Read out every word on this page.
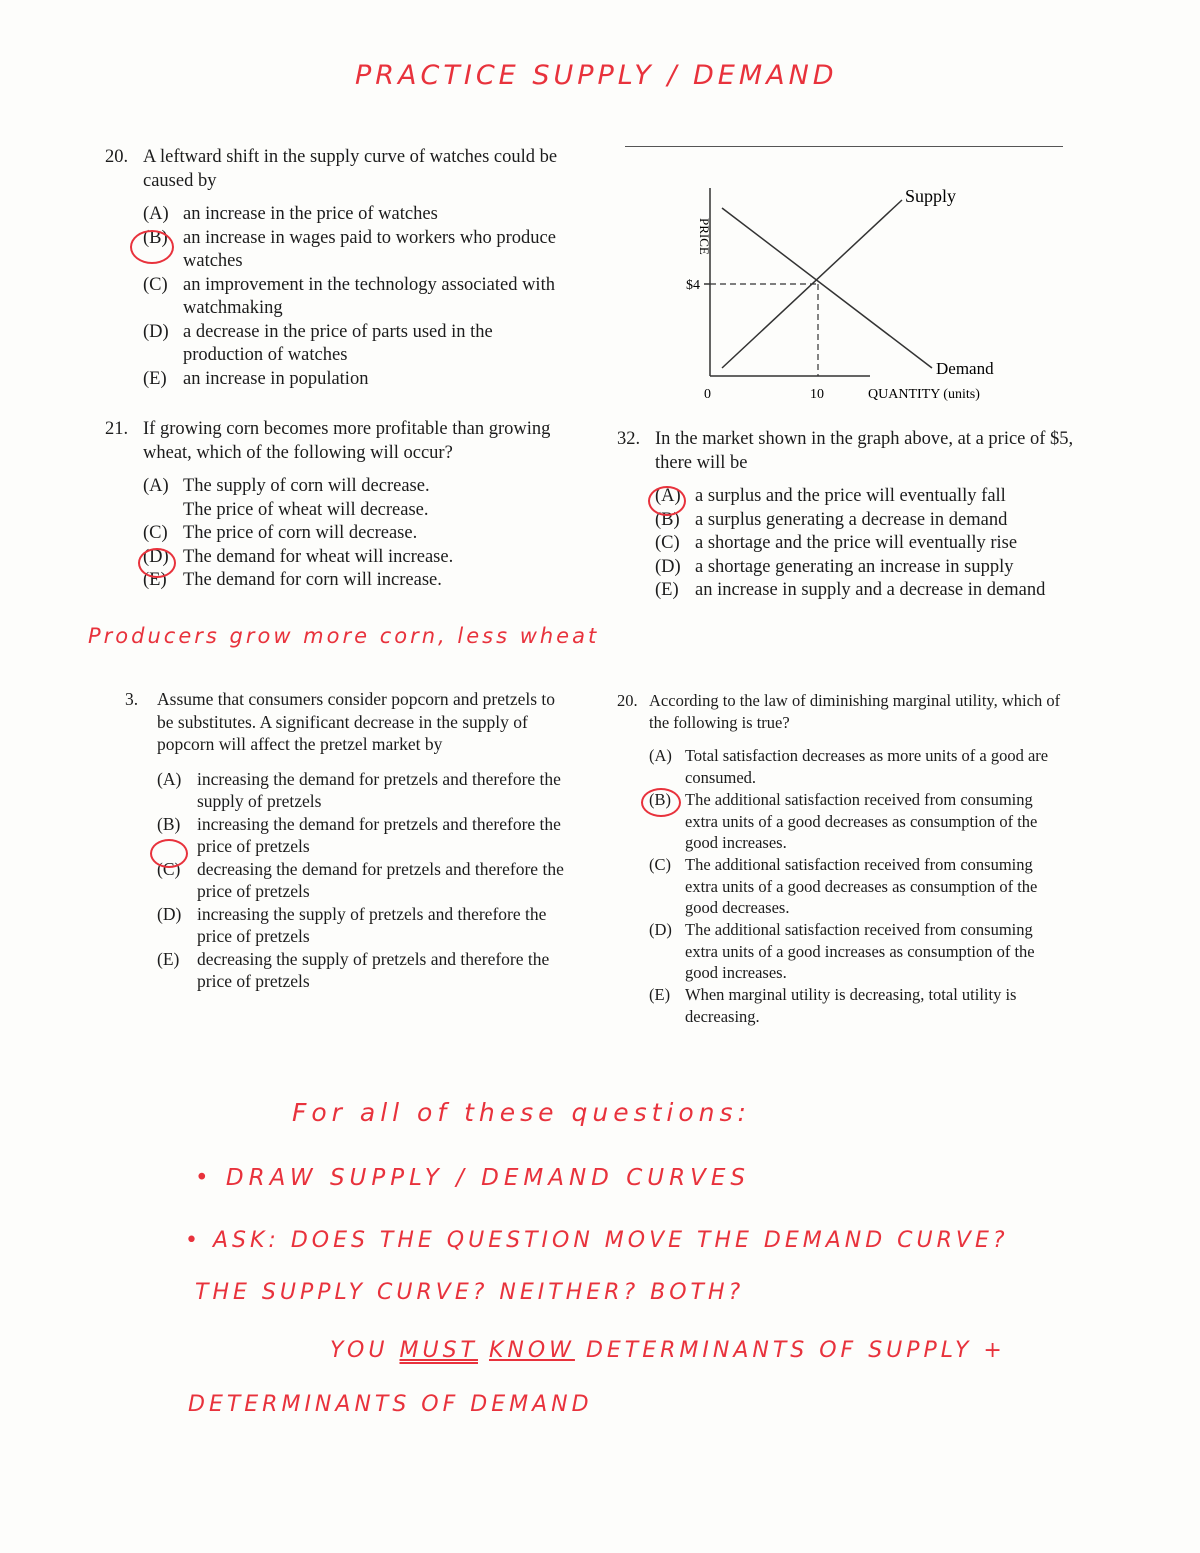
PRACTICE SUPPLY / DEMAND
20. A leftward shift in the supply curve of watches could be caused by
(A) an increase in the price of watches
(B) an increase in wages paid to workers who produce watches
(C) an improvement in the technology associated with watchmaking
(D) a decrease in the price of parts used in the production of watches
(E) an increase in population
21. If growing corn becomes more profitable than growing wheat, which of the following will occur?
(A) The supply of corn will decrease.
The price of wheat will decrease.
(C) The price of corn will decrease.
(D) The demand for wheat will increase.
(E) The demand for corn will increase.
Producers grow more corn, less wheat
PRICE
$4
0	10	QUANTITY (units)
Supply
Demand
32. In the market shown in the graph above, at a price of $5, there will be
(A) a surplus and the price will eventually fall
(B) a surplus generating a decrease in demand
(C) a shortage and the price will eventually rise
(D) a shortage generating an increase in supply
(E) an increase in supply and a decrease in demand
3. Assume that consumers consider popcorn and pretzels to be substitutes. A significant decrease in the supply of popcorn will affect the pretzel market by
(A) increasing the demand for pretzels and therefore the supply of pretzels
(B) increasing the demand for pretzels and therefore the price of pretzels
(C) decreasing the demand for pretzels and therefore the price of pretzels
(D) increasing the supply of pretzels and therefore the price of pretzels
(E) decreasing the supply of pretzels and therefore the price of pretzels
20. According to the law of diminishing marginal utility, which of the following is true?
(A) Total satisfaction decreases as more units of a good are consumed.
(B) The additional satisfaction received from consuming extra units of a good decreases as consumption of the good increases.
(C) The additional satisfaction received from consuming extra units of a good decreases as consumption of the good decreases.
(D) The additional satisfaction received from consuming extra units of a good increases as consumption of the good increases.
(E) When marginal utility is decreasing, total utility is decreasing.
For all of these questions:
• DRAW SUPPLY / DEMAND CURVES
• ASK: DOES THE QUESTION MOVE THE DEMAND CURVE?
THE SUPPLY CURVE? NEITHER? BOTH?
YOU MUST KNOW DETERMINANTS OF SUPPLY +
DETERMINANTS OF DEMAND
